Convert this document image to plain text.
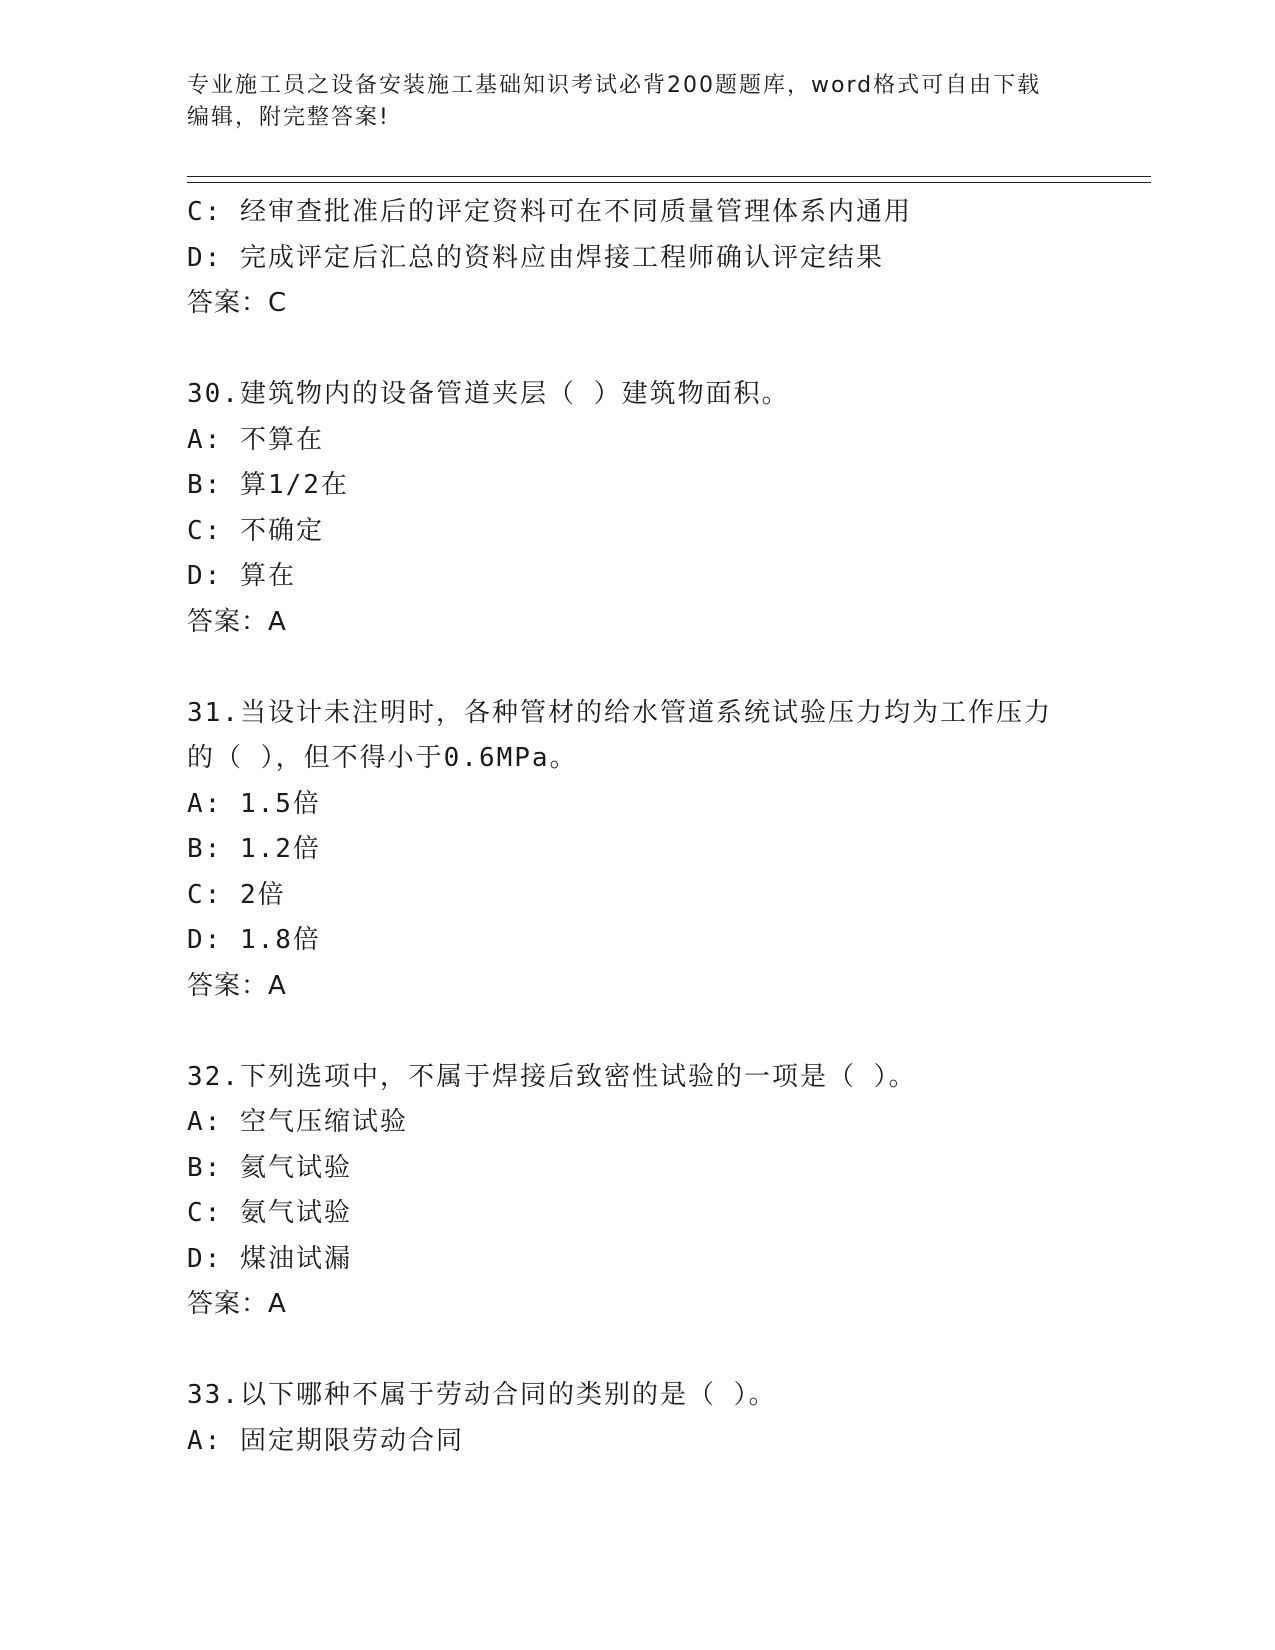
专业施工员之设备安装施工基础知识考试必背200题题库，word格式可自由下载
编辑，附完整答案!
C: 经审查批准后的评定资料可在不同质量管理体系内通用
D: 完成评定后汇总的资料应由焊接工程师确认评定结果
答案：C
30.建筑物内的设备管道夹层（ ）建筑物面积。
A: 不算在
B: 算1/2在
C: 不确定
D: 算在
答案：A
31.当设计未注明时，各种管材的给水管道系统试验压力均为工作压力的（ ），但不得小于0.6MPa。
A: 1.5倍
B: 1.2倍
C: 2倍
D: 1.8倍
答案：A
32.下列选项中，不属于焊接后致密性试验的一项是（ ）。
A: 空气压缩试验
B: 氦气试验
C: 氨气试验
D: 煤油试漏
答案：A
33.以下哪种不属于劳动合同的类别的是（ ）。
A: 固定期限劳动合同
